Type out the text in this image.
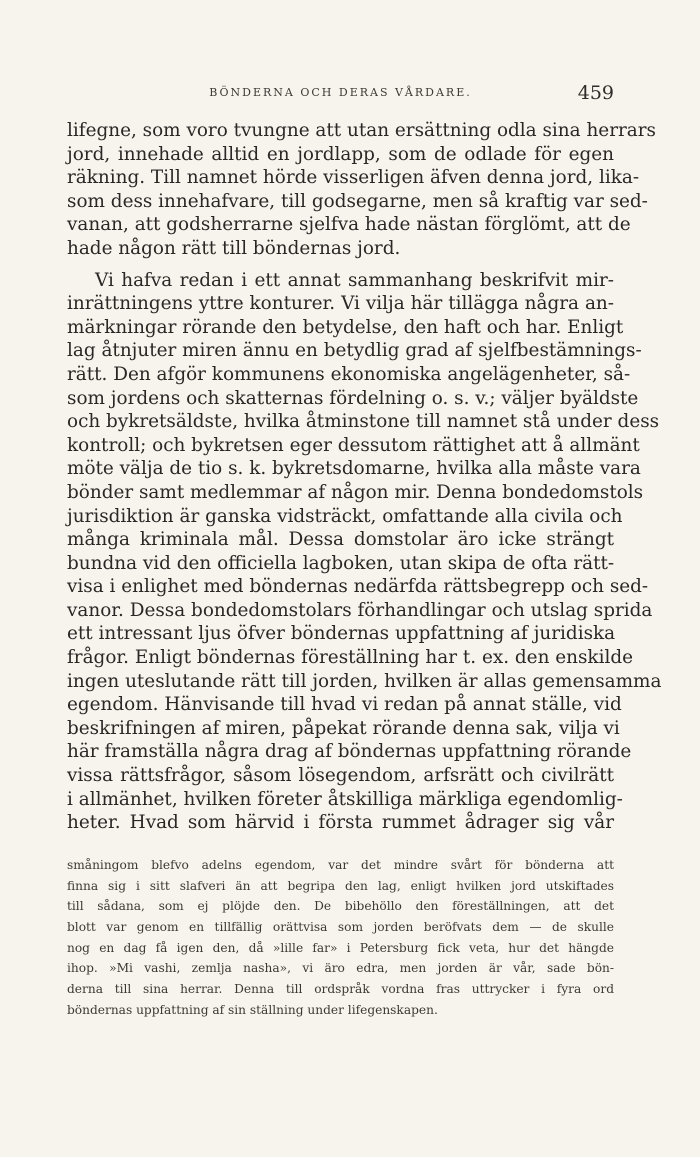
BÖNDERNA OCH DERAS VÅRDARE.	459

lifegne, som voro tvungne att utan ersättning odla sina herrars
jord, innehade alltid en jordlapp, som de odlade för egen
räkning. Till namnet hörde visserligen äfven denna jord, lika-
som dess innehafvare, till godsegarne, men så kraftig var sed-
vanan, att godsherrarne sjelfva hade nästan förglömt, att de
hade någon rätt till böndernas jord.

Vi hafva redan i ett annat sammanhang beskrifvit mir-
inrättningens yttre konturer. Vi vilja här tillägga några an-
märkningar rörande den betydelse, den haft och har. Enligt
lag åtnjuter miren ännu en betydlig grad af sjelfbestämnings-
rätt. Den afgör kommunens ekonomiska angelägenheter, så-
som jordens och skatternas fördelning o. s. v.; väljer byäldste
och bykretsäldste, hvilka åtminstone till namnet stå under dess
kontroll; och bykretsen eger dessutom rättighet att å allmänt
möte välja de tio s. k. bykretsdomarne, hvilka alla måste vara
bönder samt medlemmar af någon mir. Denna bondedomstols
jurisdiktion är ganska vidsträckt, omfattande alla civila och
många kriminala mål. Dessa domstolar äro icke strängt
bundna vid den officiella lagboken, utan skipa de ofta rätt-
visa i enlighet med böndernas nedärfda rättsbegrepp och sed-
vanor. Dessa bondedomstolars förhandlingar och utslag sprida
ett intressant ljus öfver böndernas uppfattning af juridiska
frågor. Enligt böndernas föreställning har t. ex. den enskilde
ingen uteslutande rätt till jorden, hvilken är allas gemensamma
egendom. Hänvisande till hvad vi redan på annat ställe, vid
beskrifningen af miren, påpekat rörande denna sak, vilja vi
här framställa några drag af böndernas uppfattning rörande
vissa rättsfrågor, såsom lösegendom, arfsrätt och civilrätt
i allmänhet, hvilken företer åtskilliga märkliga egendomlig-
heter. Hvad som härvid i första rummet ådrager sig vår

småningom blefvo adelns egendom, var det mindre svårt för bönderna att
finna sig i sitt slafveri än att begripa den lag, enligt hvilken jord utskiftades
till sådana, som ej plöjde den. De bibehöllo den föreställningen, att det
blott var genom en tillfällig orättvisa som jorden beröfvats dem — de skulle
nog en dag få igen den, då »lille far» i Petersburg fick veta, hur det hängde
ihop. »Mi vashi, zemlja nasha», vi äro edra, men jorden är vår, sade bön-
derna till sina herrar. Denna till ordspråk vordna fras uttrycker i fyra ord
böndernas uppfattning af sin ställning under lifegenskapen.
